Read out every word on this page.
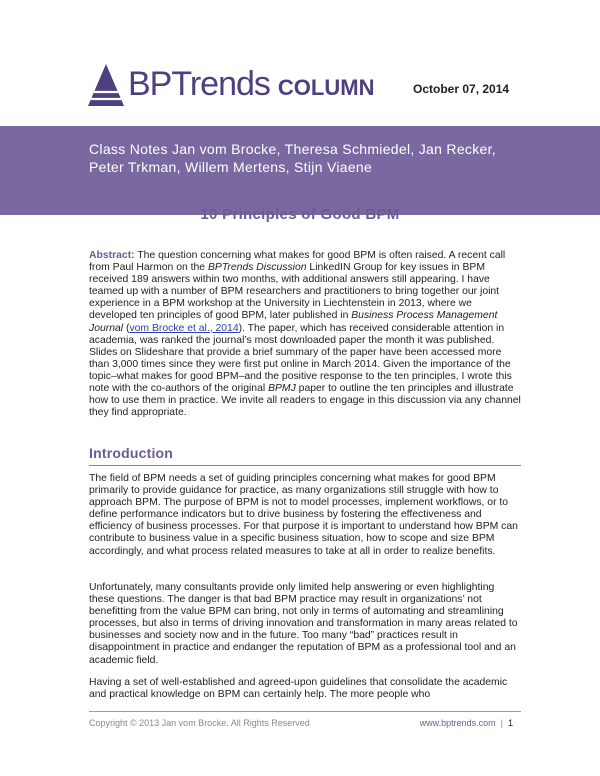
BPTrends COLUMN	October 07, 2014
Class Notes Jan vom Brocke, Theresa Schmiedel, Jan Recker, Peter Trkman, Willem Mertens, Stijn Viaene
10 Principles of Good BPM

Abstract: The question concerning what makes for good BPM is often raised. A recent call from Paul Harmon on the BPTrends Discussion LinkedIN Group for key issues in BPM received 189 answers within two months, with additional answers still appearing. I have teamed up with a number of BPM researchers and practitioners to bring together our joint experience in a BPM workshop at the University in Liechtenstein in 2013, where we developed ten principles of good BPM, later published in Business Process Management Journal (vom Brocke et al., 2014). The paper, which has received considerable attention in academia, was ranked the journal’s most downloaded paper the month it was published. Slides on Slideshare that provide a brief summary of the paper have been accessed more than 3,000 times since they were first put online in March 2014. Given the importance of the topic–what makes for good BPM–and the positive response to the ten principles, I wrote this note with the co-authors of the original BPMJ paper to outline the ten principles and illustrate how to use them in practice. We invite all readers to engage in this discussion via any channel they find appropriate.

Introduction

The field of BPM needs a set of guiding principles concerning what makes for good BPM primarily to provide guidance for practice, as many organizations still struggle with how to approach BPM. The purpose of BPM is not to model processes, implement workflows, or to define performance indicators but to drive business by fostering the effectiveness and efficiency of business processes. For that purpose it is important to understand how BPM can contribute to business value in a specific business situation, how to scope and size BPM accordingly, and what process related measures to take at all in order to realize benefits.

Unfortunately, many consultants provide only limited help answering or even highlighting these questions. The danger is that bad BPM practice may result in organizations’ not benefitting from the value BPM can bring, not only in terms of automating and streamlining processes, but also in terms of driving innovation and transformation in many areas related to businesses and society now and in the future. Too many “bad” practices result in disappointment in practice and endanger the reputation of BPM as a professional tool and an academic field.

Having a set of well-established and agreed-upon guidelines that consolidate the academic and practical knowledge on BPM can certainly help. The more people who

Copyright © 2013 Jan vom Brocke. All Rights Reserved	www.bptrends.com | 1
